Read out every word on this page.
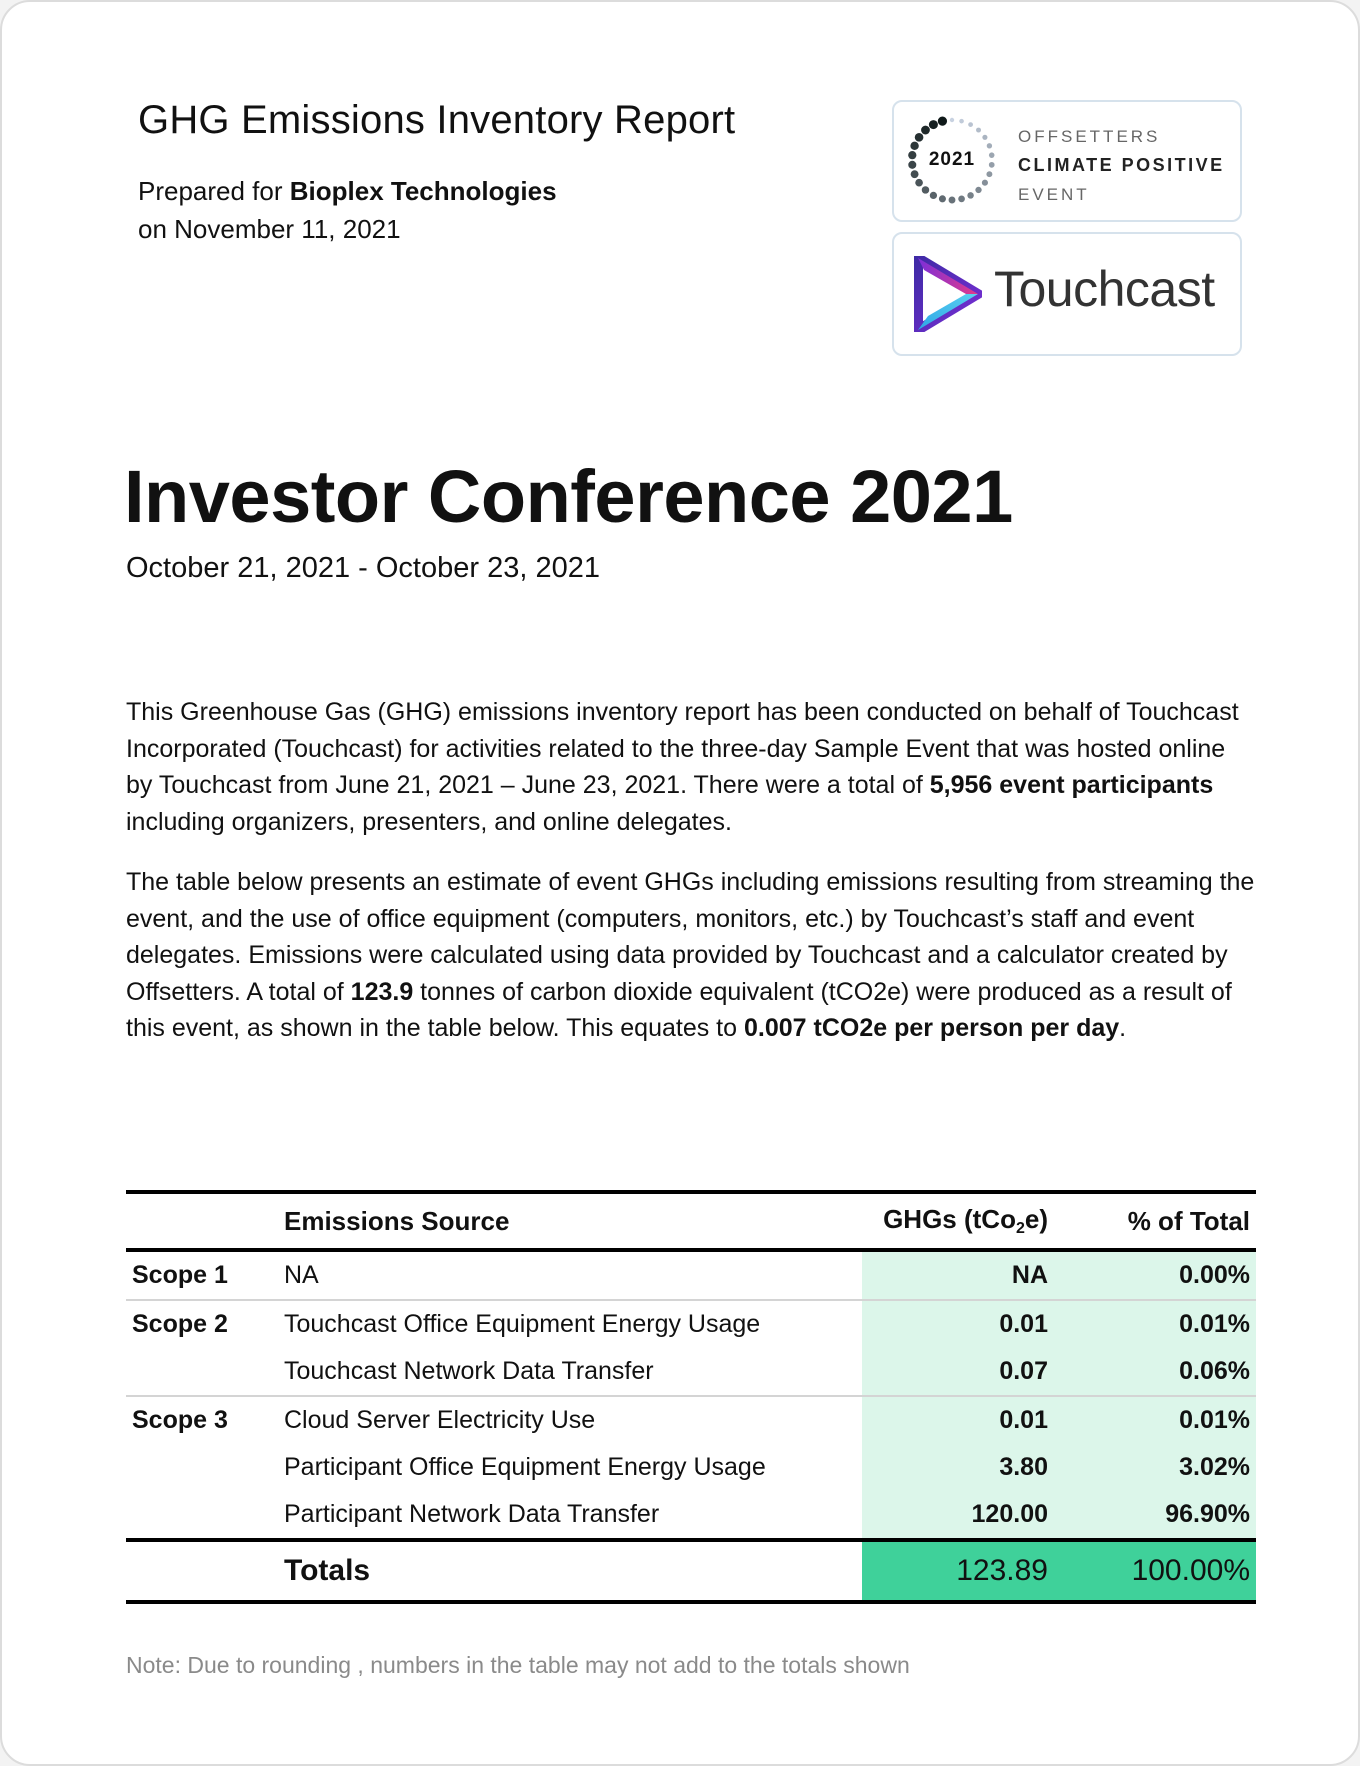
GHG Emissions Inventory Report
Prepared for Bioplex Technologies
on November 11, 2021
2021
OFFSETTERS
CLIMATE POSITIVE
EVENT
Touchcast
Investor Conference 2021
October 21, 2021 - October 23, 2021
This Greenhouse Gas (GHG) emissions inventory report has been conducted on behalf of Touchcast Incorporated (Touchcast) for activities related to the three-day Sample Event that was hosted online by Touchcast from June 21, 2021 – June 23, 2021. There were a total of 5,956 event participants including organizers, presenters, and online delegates.
The table below presents an estimate of event GHGs including emissions resulting from streaming the event, and the use of office equipment (computers, monitors, etc.) by Touchcast’s staff and event delegates. Emissions were calculated using data provided by Touchcast and a calculator created by Offsetters. A total of 123.9 tonnes of carbon dioxide equivalent (tCO2e) were produced as a result of this event, as shown in the table below. This equates to 0.007 tCO2e per person per day.
	Emissions Source	GHGs (tCo$_2$e)	% of Total
Scope 1	NA	NA	0.00%
Scope 2	Touchcast Office Equipment Energy Usage	0.01	0.01%
	Touchcast Network Data Transfer	0.07	0.06%
Scope 3	Cloud Server Electricity Use	0.01	0.01%
	Participant Office Equipment Energy Usage	3.80	3.02%
	Participant Network Data Transfer	120.00	96.90%
	Totals	123.89	100.00%
Note: Due to rounding , numbers in the table may not add to the totals shown
